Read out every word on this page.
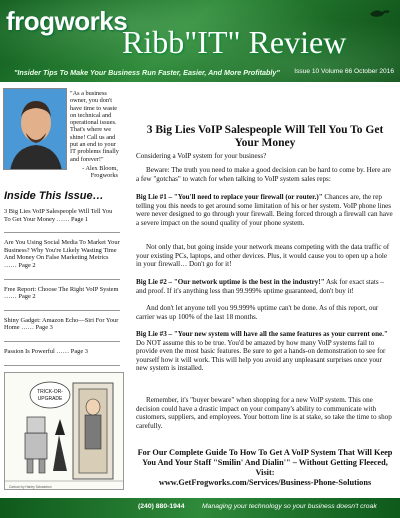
frogworks
Ribb"IT" Review
"Insider Tips To Make Your Business Run Faster, Easier, And More Profitably" Issue 10 Volume 66 October 2016
"As a business owner, you don't have time to waste on technical and operational issues. That's where we shine! Call us and put an end to your IT problems finally and forever!"
- Alex Bloom,
Frogworks
Inside This Issue…
3 Big Lies VoIP Salespeople Will Tell You To Get Your Money …… Page 1
Are You Using Social Media To Market Your Business? Why You're Likely Wasting Time And Money On False Marketing Metrics …… Page 2
Free Report: Choose The Right VoIP System …… Page 2
Shiny Gadget: Amazon Echo—Siri For Your Home …… Page 3
Passion Is Powerful …… Page 3
TRICK-OR-
UPGRADE
Cartoon by Harley Schwadron
3 Big Lies VoIP Salespeople Will Tell You To Get Your Money
Considering a VoIP system for your business?
Beware: The truth you need to make a good decision can be hard to come by. Here are a few "gotchas" to watch for when talking to VoIP system sales reps:
Big Lie #1 – "You'll need to replace your firewall (or router.)" Chances are, the rep telling you this needs to get around some limitation of his or her system. VoIP phone lines were never designed to go through your firewall. Being forced through a firewall can have a severe impact on the sound quality of your phone system.
Not only that, but going inside your network means competing with the data traffic of your existing PCs, laptops, and other devices. Plus, it would cause you to open up a hole in your firewall… Don't go for it!
Big Lie #2 – "Our network uptime is the best in the industry!" Ask for exact stats – and proof. If it's anything less than 99.999% uptime guaranteed, don't buy it!
And don't let anyone tell you 99.999% uptime can't be done. As of this report, our carrier was up 100% of the last 18 months.
Big Lie #3 – "Your new system will have all the same features as your current one." Do NOT assume this to be true. You'd be amazed by how many VoIP systems fail to provide even the most basic features. Be sure to get a hands-on demonstration to see for yourself how it will work. This will help you avoid any unpleasant surprises once your new system is installed.
Remember, it's "buyer beware" when shopping for a new VoIP system. This one decision could have a drastic impact on your company's ability to communicate with customers, suppliers, and employees. Your bottom line is at stake, so take the time to shop carefully.
For Our Complete Guide To How To Get A VoIP System That Will Keep You And Your Staff "Smilin' And Dialin'" – Without Getting Fleeced, Visit:
www.GetFrogworks.com/Services/Business-Phone-Solutions
(240) 880-1944	Managing your technology so your business doesn't croak
